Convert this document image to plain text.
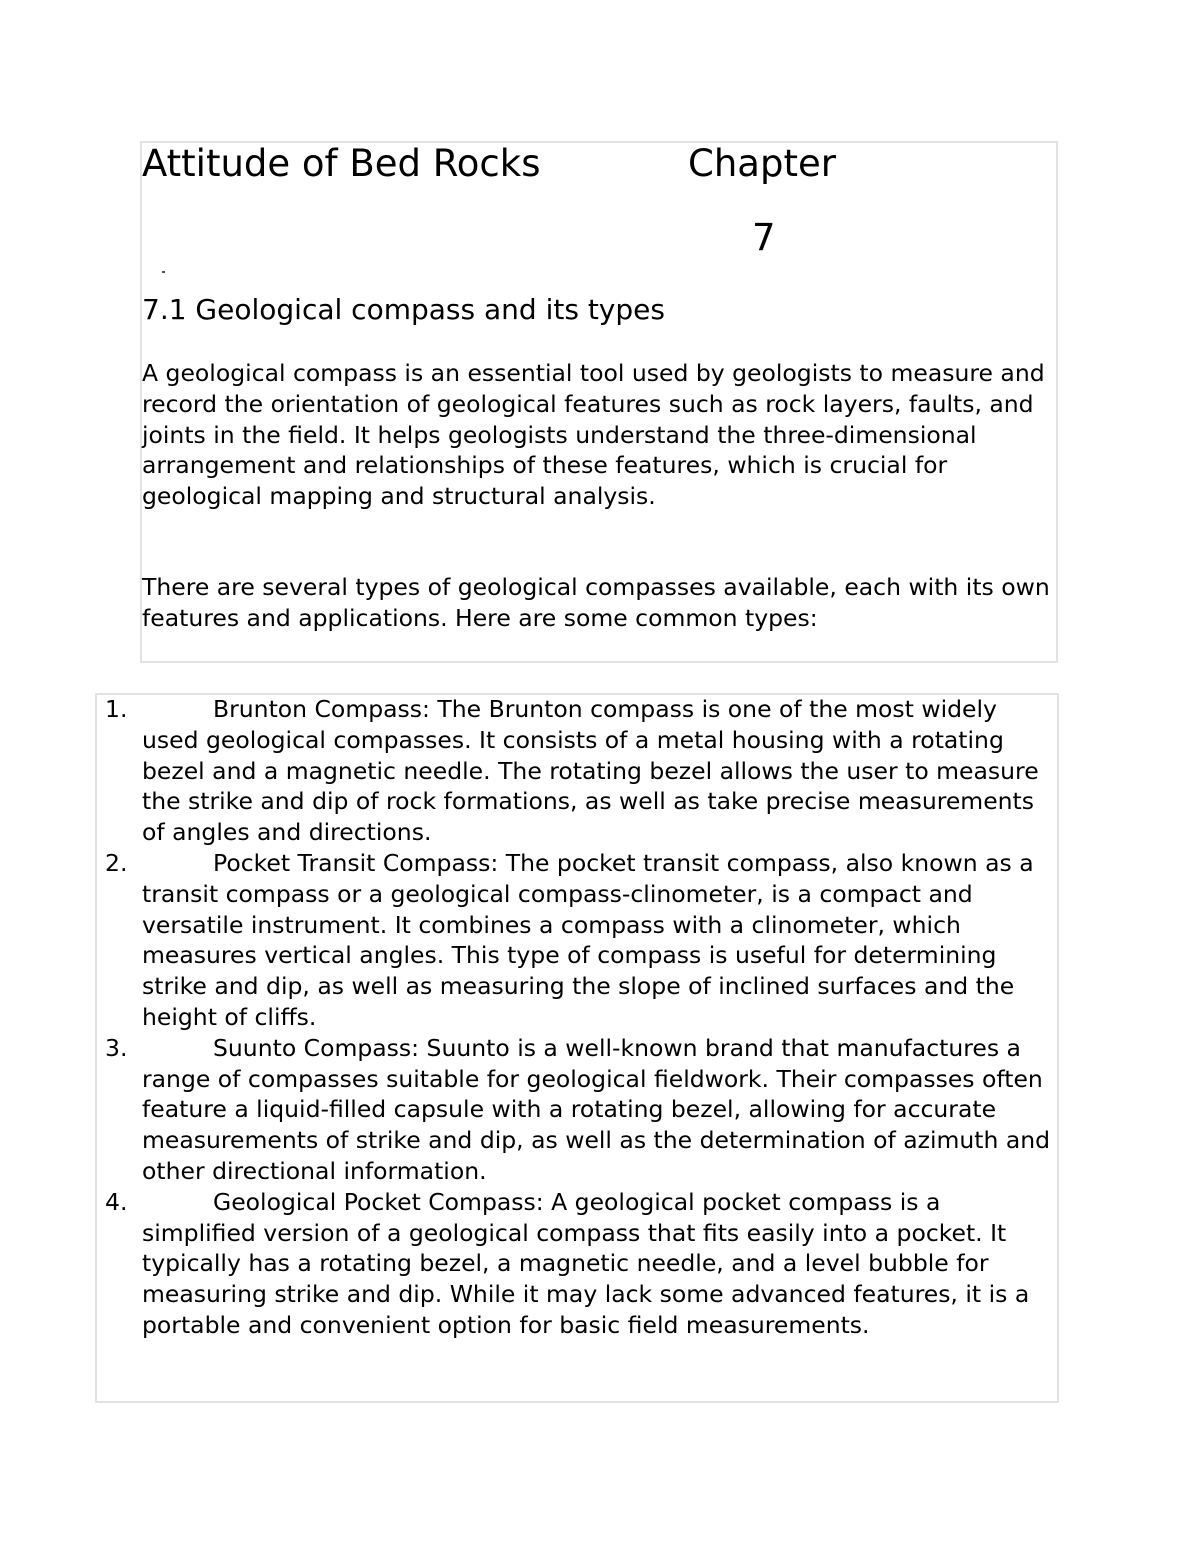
Attitude of Bed Rocks	Chapter
7
7.1 Geological compass and its types

A geological compass is an essential tool used by geologists to measure and record the orientation of geological features such as rock layers, faults, and joints in the field. It helps geologists understand the three-dimensional arrangement and relationships of these features, which is crucial for geological mapping and structural analysis.

There are several types of geological compasses available, each with its own features and applications. Here are some common types:

1.	Brunton Compass: The Brunton compass is one of the most widely used geological compasses. It consists of a metal housing with a rotating bezel and a magnetic needle. The rotating bezel allows the user to measure the strike and dip of rock formations, as well as take precise measurements of angles and directions.
2.	Pocket Transit Compass: The pocket transit compass, also known as a transit compass or a geological compass-clinometer, is a compact and versatile instrument. It combines a compass with a clinometer, which measures vertical angles. This type of compass is useful for determining strike and dip, as well as measuring the slope of inclined surfaces and the height of cliffs.
3.	Suunto Compass: Suunto is a well-known brand that manufactures a range of compasses suitable for geological fieldwork. Their compasses often feature a liquid-filled capsule with a rotating bezel, allowing for accurate measurements of strike and dip, as well as the determination of azimuth and other directional information.
4.	Geological Pocket Compass: A geological pocket compass is a simplified version of a geological compass that fits easily into a pocket. It typically has a rotating bezel, a magnetic needle, and a level bubble for measuring strike and dip. While it may lack some advanced features, it is a portable and convenient option for basic field measurements.
